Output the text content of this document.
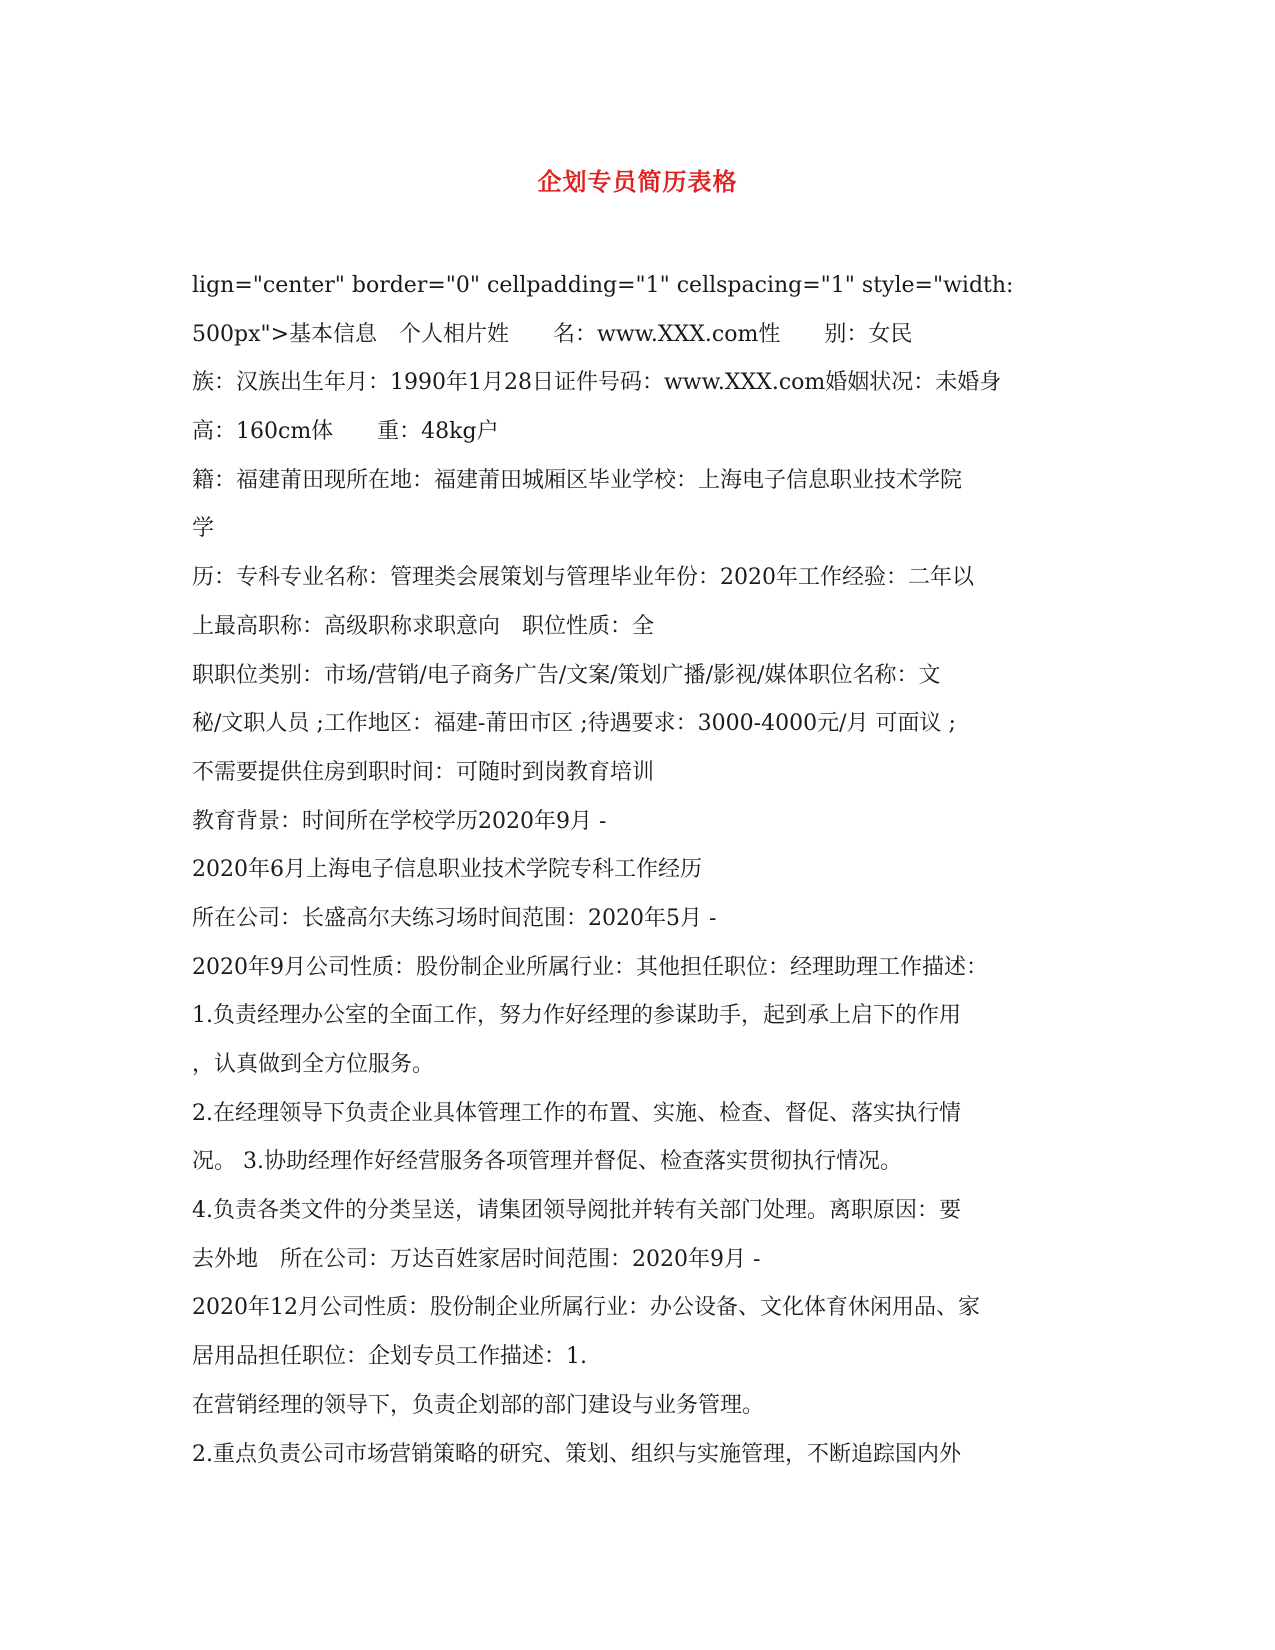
企划专员简历表格
lign="center" border="0" cellpadding="1" cellspacing="1" style="width:
500px">基本信息　个人相片姓　　名：www.XXX.com性　　别：女民
族：汉族出生年月：1990年1月28日证件号码：www.XXX.com婚姻状况：未婚身
高：160cm体　　重：48kg户
籍：福建莆田现所在地：福建莆田城厢区毕业学校：上海电子信息职业技术学院
学
历：专科专业名称：管理类会展策划与管理毕业年份：2020年工作经验：二年以
上最高职称：高级职称求职意向　职位性质：全
职职位类别：市场/营销/电子商务广告/文案/策划广播/影视/媒体职位名称：文
秘/文职人员 ;工作地区：福建-莆田市区 ;待遇要求：3000-4000元/月 可面议 ;
不需要提供住房到职时间：可随时到岗教育培训
教育背景：时间所在学校学历2020年9月 -
2020年6月上海电子信息职业技术学院专科工作经历
所在公司：长盛高尔夫练习场时间范围：2020年5月 -
2020年9月公司性质：股份制企业所属行业：其他担任职位：经理助理工作描述：
1.负责经理办公室的全面工作，努力作好经理的参谋助手，起到承上启下的作用
，认真做到全方位服务。
2.在经理领导下负责企业具体管理工作的布置、实施、检查、督促、落实执行情
况。 3.协助经理作好经营服务各项管理并督促、检查落实贯彻执行情况。
4.负责各类文件的分类呈送，请集团领导阅批并转有关部门处理。离职原因：要
去外地　所在公司：万达百姓家居时间范围：2020年9月 -
2020年12月公司性质：股份制企业所属行业：办公设备、文化体育休闲用品、家
居用品担任职位：企划专员工作描述：1.
在营销经理的领导下，负责企划部的部门建设与业务管理。
2.重点负责公司市场营销策略的研究、策划、组织与实施管理，不断追踪国内外
